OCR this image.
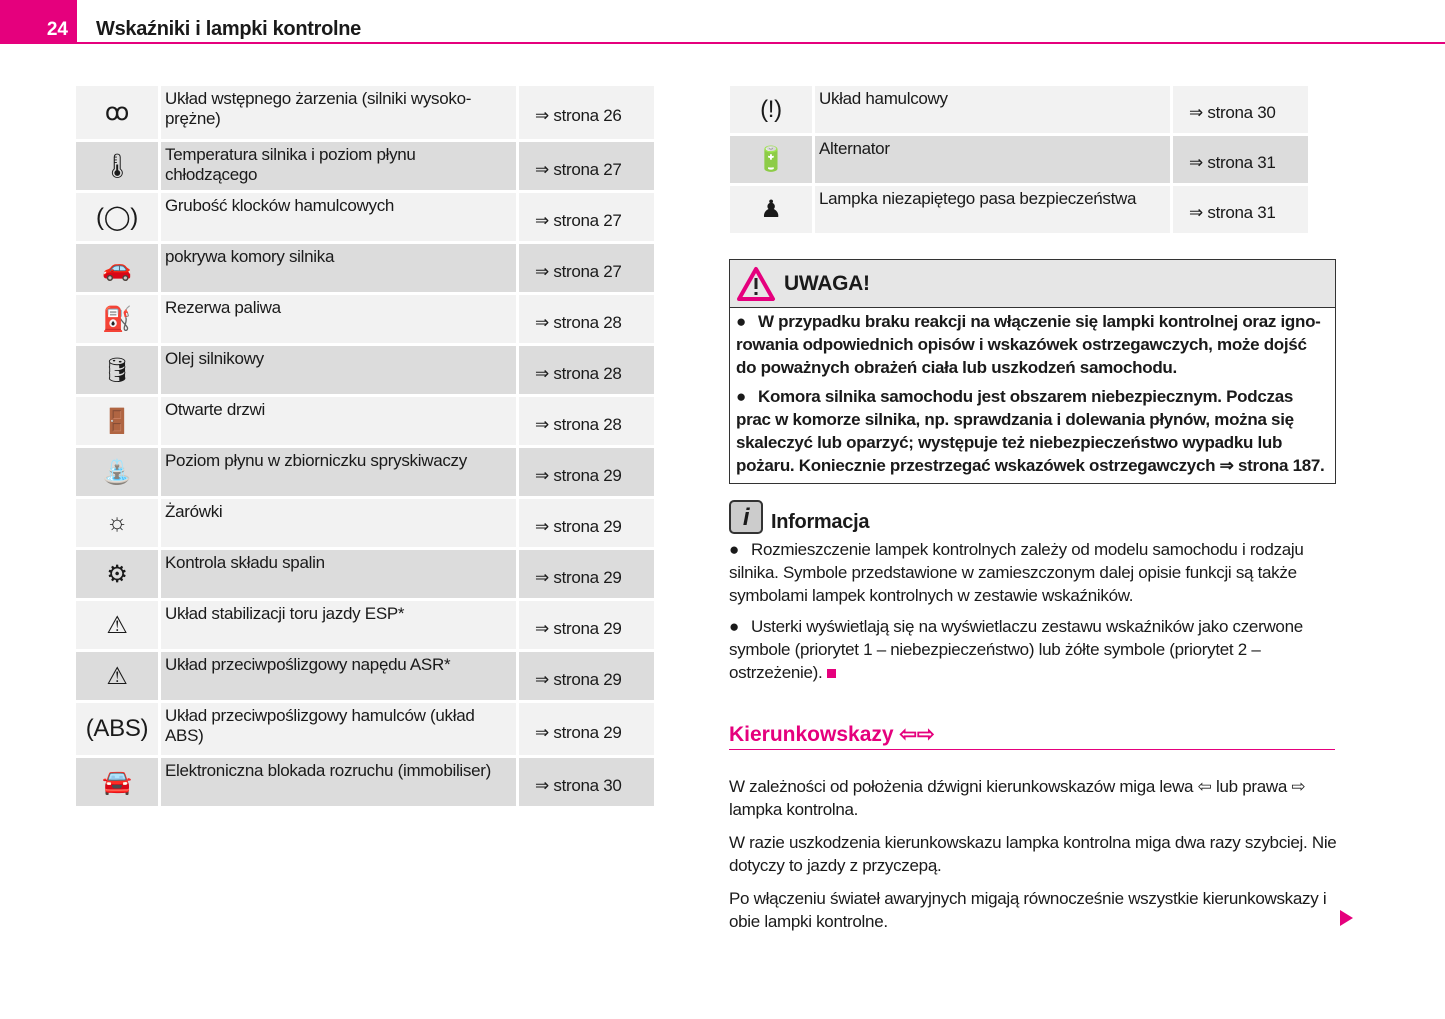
24	Wskaźniki i lampki kontrolne
ꝏ	Układ wstępnego żarzenia (silniki wysoko-prężne)	⇒ strona 26
🌡	Temperatura silnika i poziom płynu chłodzącego	⇒ strona 27
(◯)	Grubość klocków hamulcowych	⇒ strona 27
🚗	pokrywa komory silnika	⇒ strona 27
⛽	Rezerwa paliwa	⇒ strona 28
🛢	Olej silnikowy	⇒ strona 28
🚪	Otwarte drzwi	⇒ strona 28
⛲	Poziom płynu w zbiorniczku spryskiwaczy	⇒ strona 29
☼	Żarówki	⇒ strona 29
⚙	Kontrola składu spalin	⇒ strona 29
⚠	Układ stabilizacji toru jazdy ESP*	⇒ strona 29
⚠	Układ przeciwpoślizgowy napędu ASR*	⇒ strona 29
(ABS)	Układ przeciwpoślizgowy hamulców (układ ABS)	⇒ strona 29
🚘	Elektroniczna blokada rozruchu (immobiliser)	⇒ strona 30
(!)	Układ hamulcowy	⇒ strona 30
🔋	Alternator	⇒ strona 31
♟	Lampka niezapiętego pasa bezpieczeństwa	⇒ strona 31
UWAGA!

● W przypadku braku reakcji na włączenie się lampki kontrolnej oraz igno-rowania odpowiednich opisów i wskazówek ostrzegawczych, może dojść do poważnych obrażeń ciała lub uszkodzeń samochodu.

● Komora silnika samochodu jest obszarem niebezpiecznym. Podczas prac w komorze silnika, np. sprawdzania i dolewania płynów, można się skaleczyć lub oparzyć; występuje też niebezpieczeństwo wypadku lub pożaru. Koniecznie przestrzegać wskazówek ostrzegawczych ⇒ strona 187.

i	Informacja

● Rozmieszczenie lampek kontrolnych zależy od modelu samochodu i rodzaju silnika. Symbole przedstawione w zamieszczonym dalej opisie funkcji są także symbolami lampek kontrolnych w zestawie wskaźników.

● Usterki wyświetlają się na wyświetlaczu zestawu wskaźników jako czerwone symbole (priorytet 1 – niebezpieczeństwo) lub żółte symbole (priorytet 2 – ostrzeżenie).

Kierunkowskazy ⇦⇨

W zależności od położenia dźwigni kierunkowskazów miga lewa ⇦ lub prawa ⇨ lampka kontrolna.

W razie uszkodzenia kierunkowskazu lampka kontrolna miga dwa razy szybciej. Nie dotyczy to jazdy z przyczepą.

Po włączeniu świateł awaryjnych migają równocześnie wszystkie kierunkowskazy i obie lampki kontrolne.
